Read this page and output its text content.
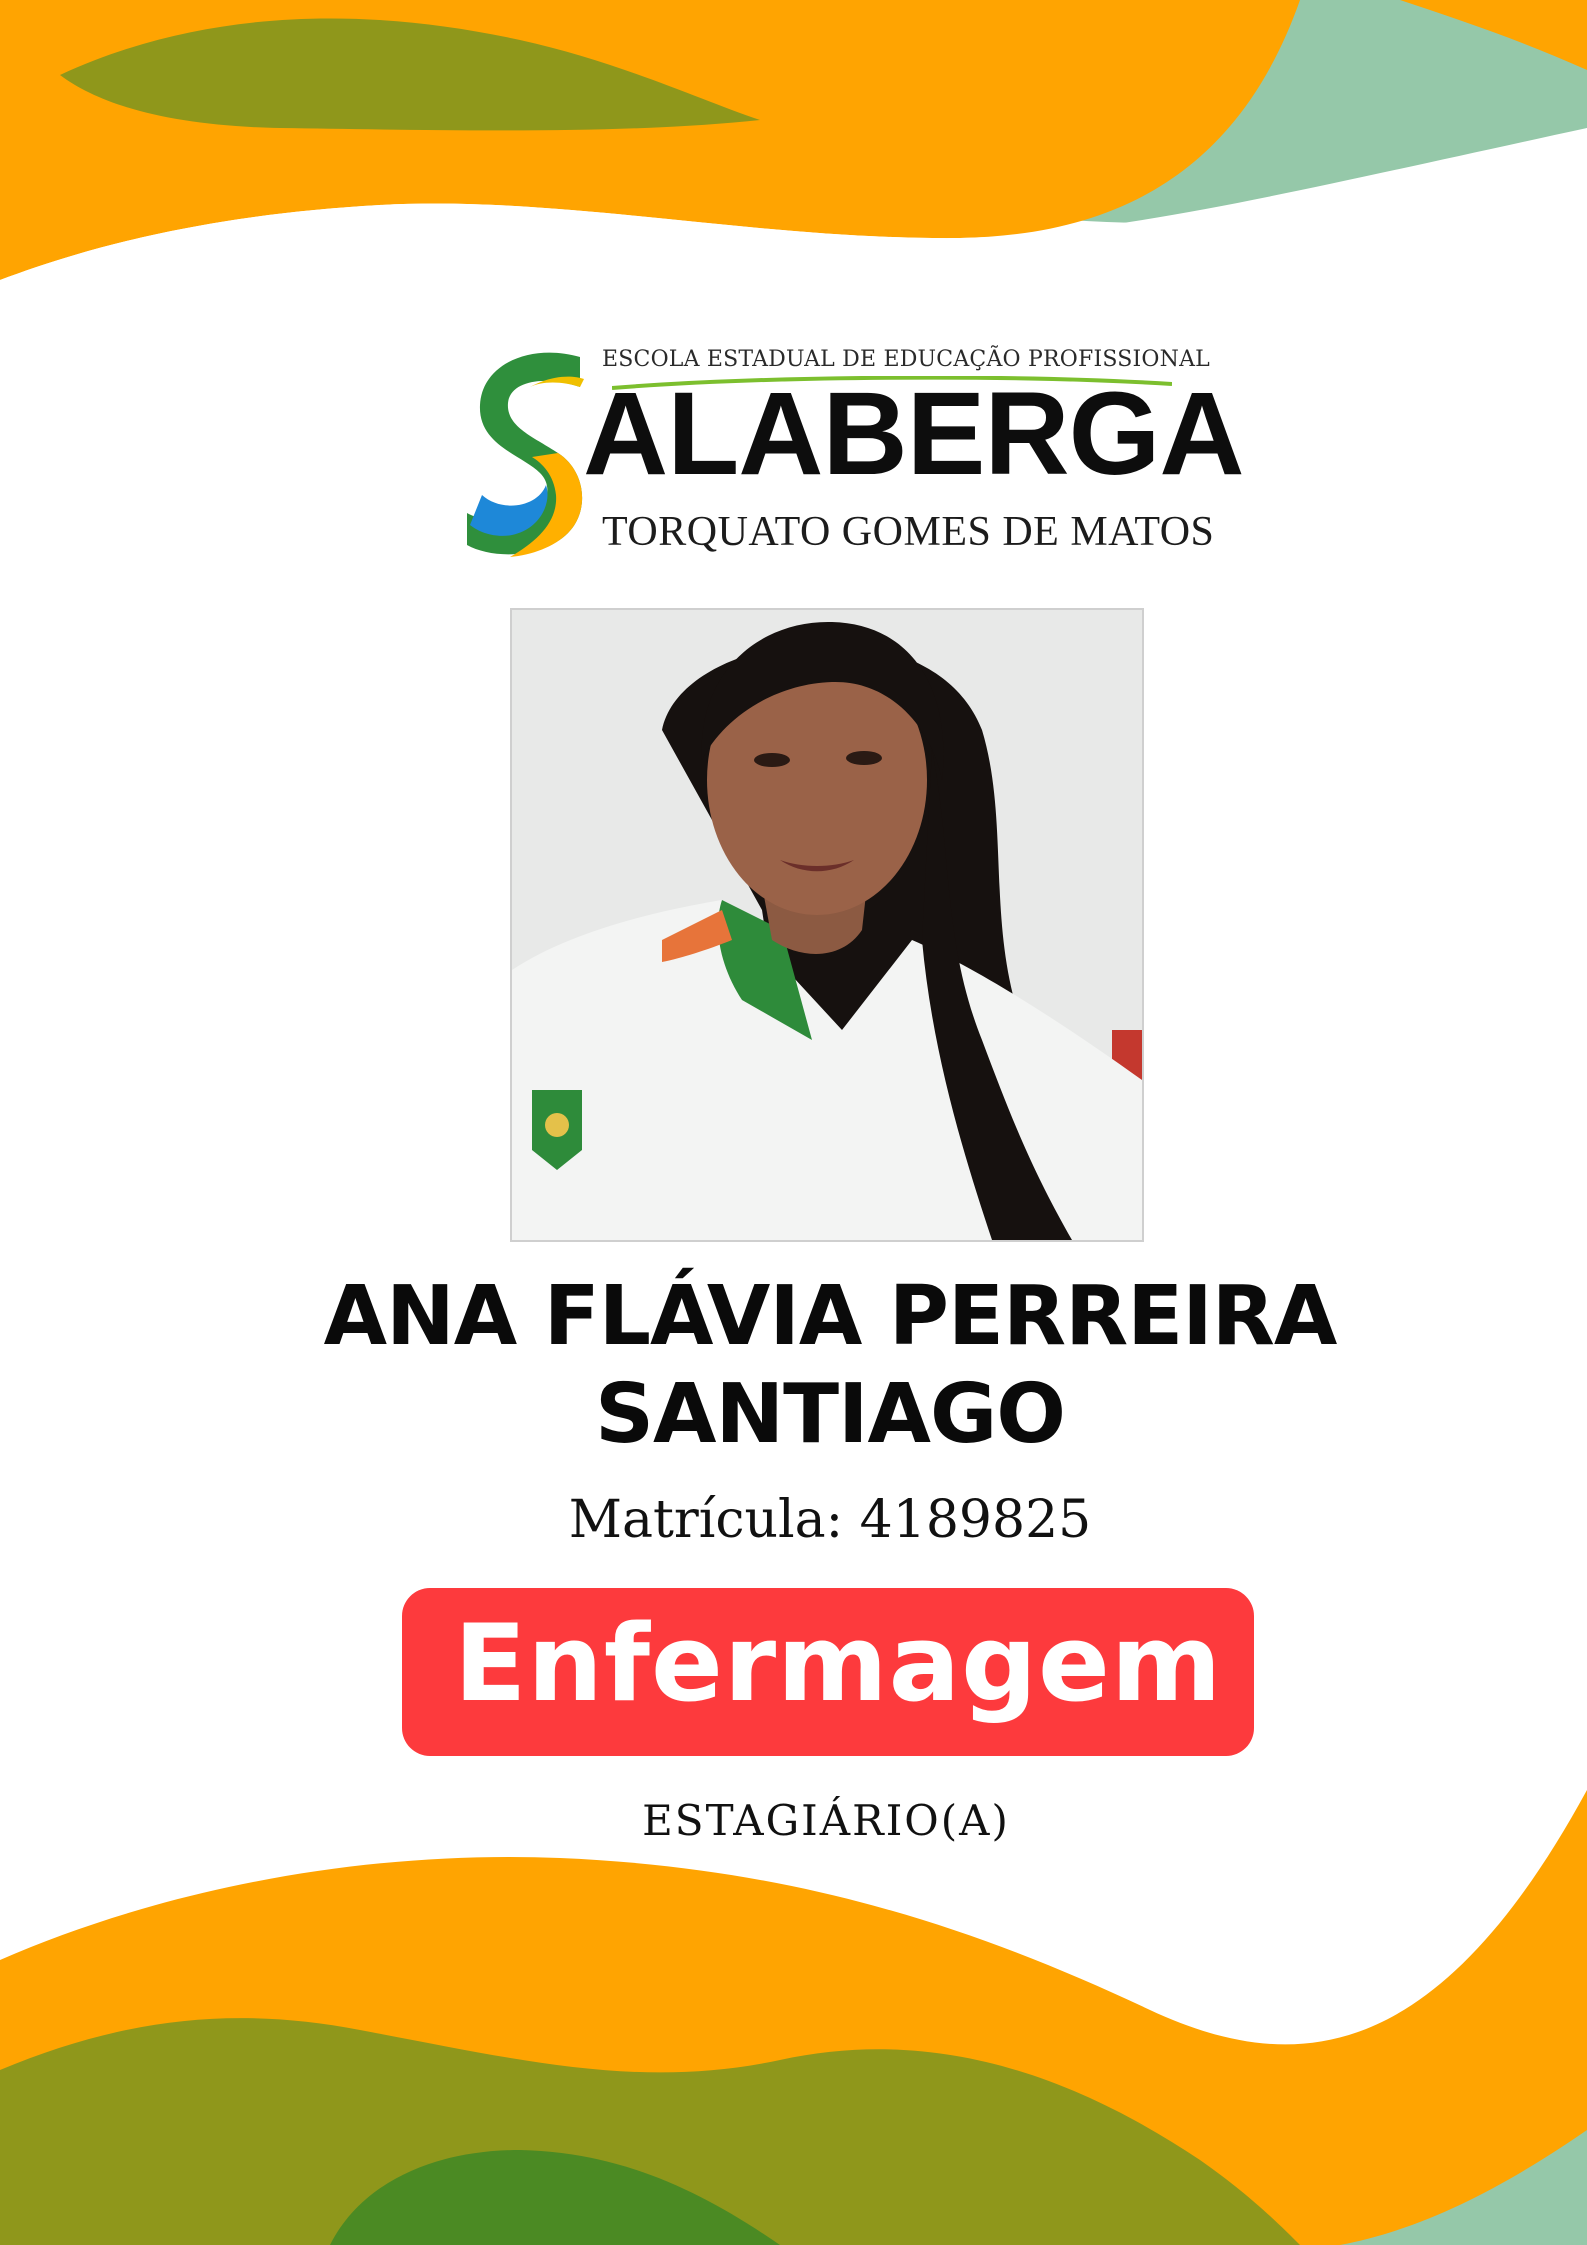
ESCOLA ESTADUAL DE EDUCAÇÃO PROFISSIONAL
ALABERGA
TORQUATO GOMES DE MATOS
ANA FLÁVIA PERREIRA SANTIAGO
Matrícula: 4189825
Enfermagem
ESTAGIÁRIO(A)
